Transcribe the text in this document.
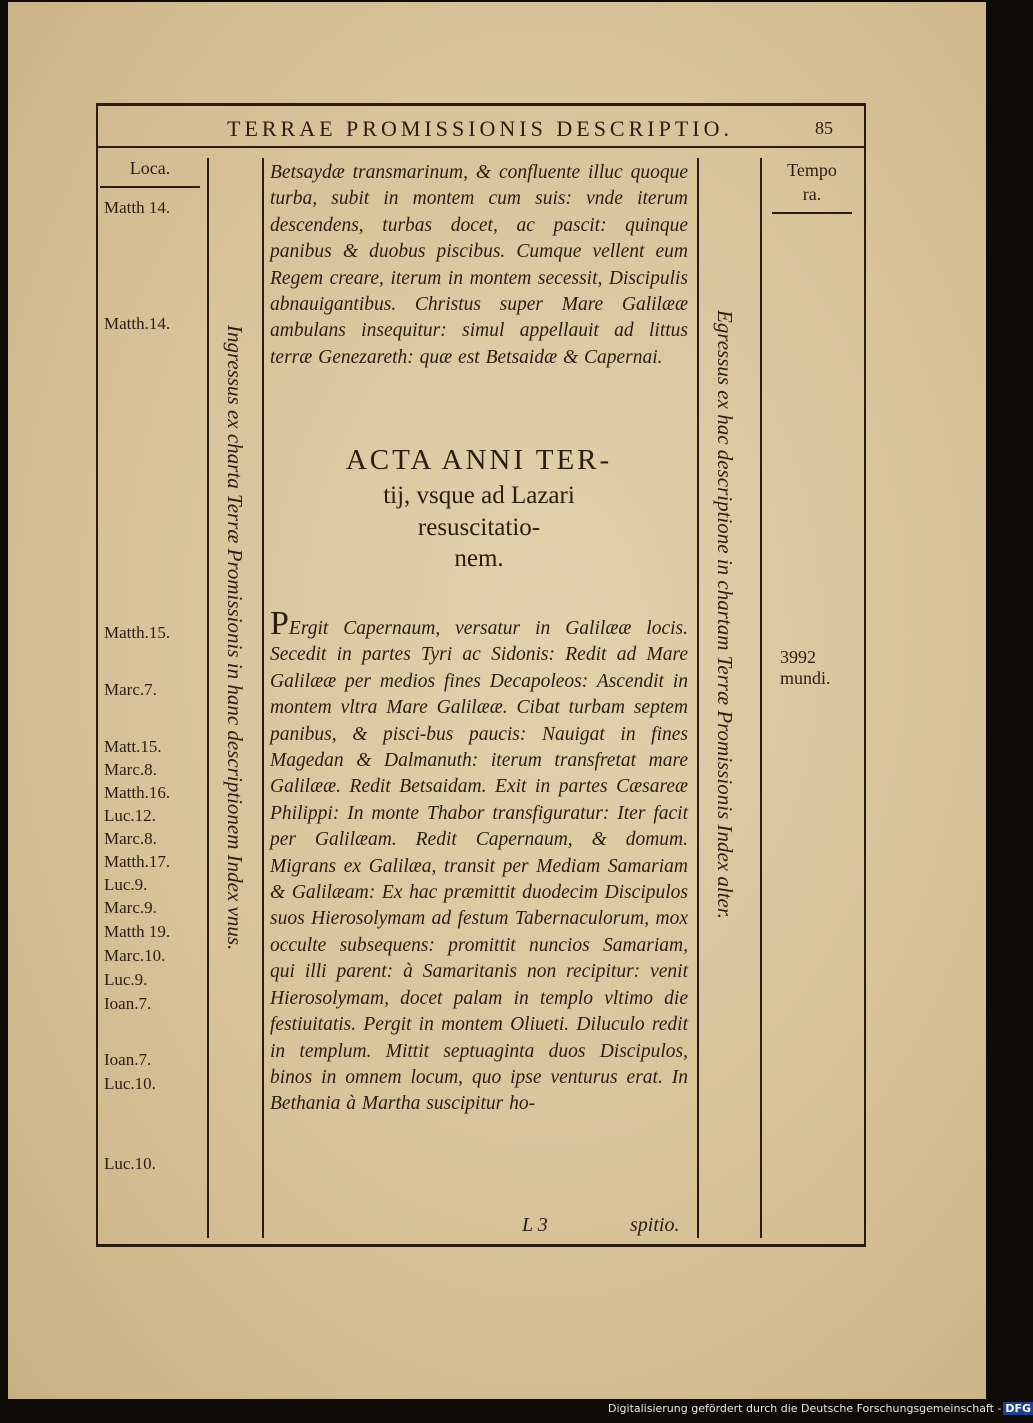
TERRAE PROMISSIONIS DESCRIPTIO.	85
Loca.	Tempo
ra.
Matth 14.
Matth.14.
Matth.15.
Marc.7.
Matt.15.
Marc.8.
Matth.16.
Luc.12.
Marc.8.
Matth.17.
Luc.9.
Marc.9.
Matth 19.
Marc.10.
Luc.9.
Ioan.7.
Ioan.7.
Luc.10.
Luc.10.
Ingressus ex charta Terræ Promissionis in hanc descriptionem Index vnus.	Egressus ex hac descriptione in chartam Terræ Promissionis Index alter.
Betsaydæ transmarinum, & confluente illuc quoque turba, subit in montem cum suis: vnde iterum descendens, turbas docet, ac pascit: quinque panibus & duobus piscibus. Cumque vellent eum Regem creare, iterum in montem secessit, Discipulis abnauigantibus. Christus super Mare Galilææ ambulans insequitur: simul appellauit ad littus terræ Genezareth: quæ est Betsaidæ & Capernai.
ACTA ANNI TER-
tij, vsque ad Lazari
resuscitatio-
nem.
PErgit Capernaum, versatur in Galilææ locis. Secedit in partes Tyri ac Sidonis: Redit ad Mare Galilææ per medios fines Decapoleos: Ascendit in montem vltra Mare Galilææ. Cibat turbam septem panibus, & pisci-bus paucis: Nauigat in fines Magedan & Dalmanuth: iterum transfretat mare Galilææ. Redit Betsaidam. Exit in partes Cæsareæ Philippi: In monte Thabor transfiguratur: Iter facit per Galilæam. Redit Capernaum, & domum. Migrans ex Galilæa, transit per Mediam Samariam & Galilæam: Ex hac præmittit duodecim Discipulos suos Hierosolymam ad festum Tabernaculorum, mox occulte subsequens: promittit nuncios Samariam, qui illi parent: à Samaritanis non recipitur: venit Hierosolymam, docet palam in templo vltimo die festiuitatis. Pergit in montem Oliueti. Diluculo redit in templum. Mittit septuaginta duos Discipulos, binos in omnem locum, quo ipse venturus erat. In Bethania à Martha suscipitur ho-
3992
mundi.
L 3	spitio.
Digitalisierung gefördert durch die Deutsche Forschungsgemeinschaft - DFG
